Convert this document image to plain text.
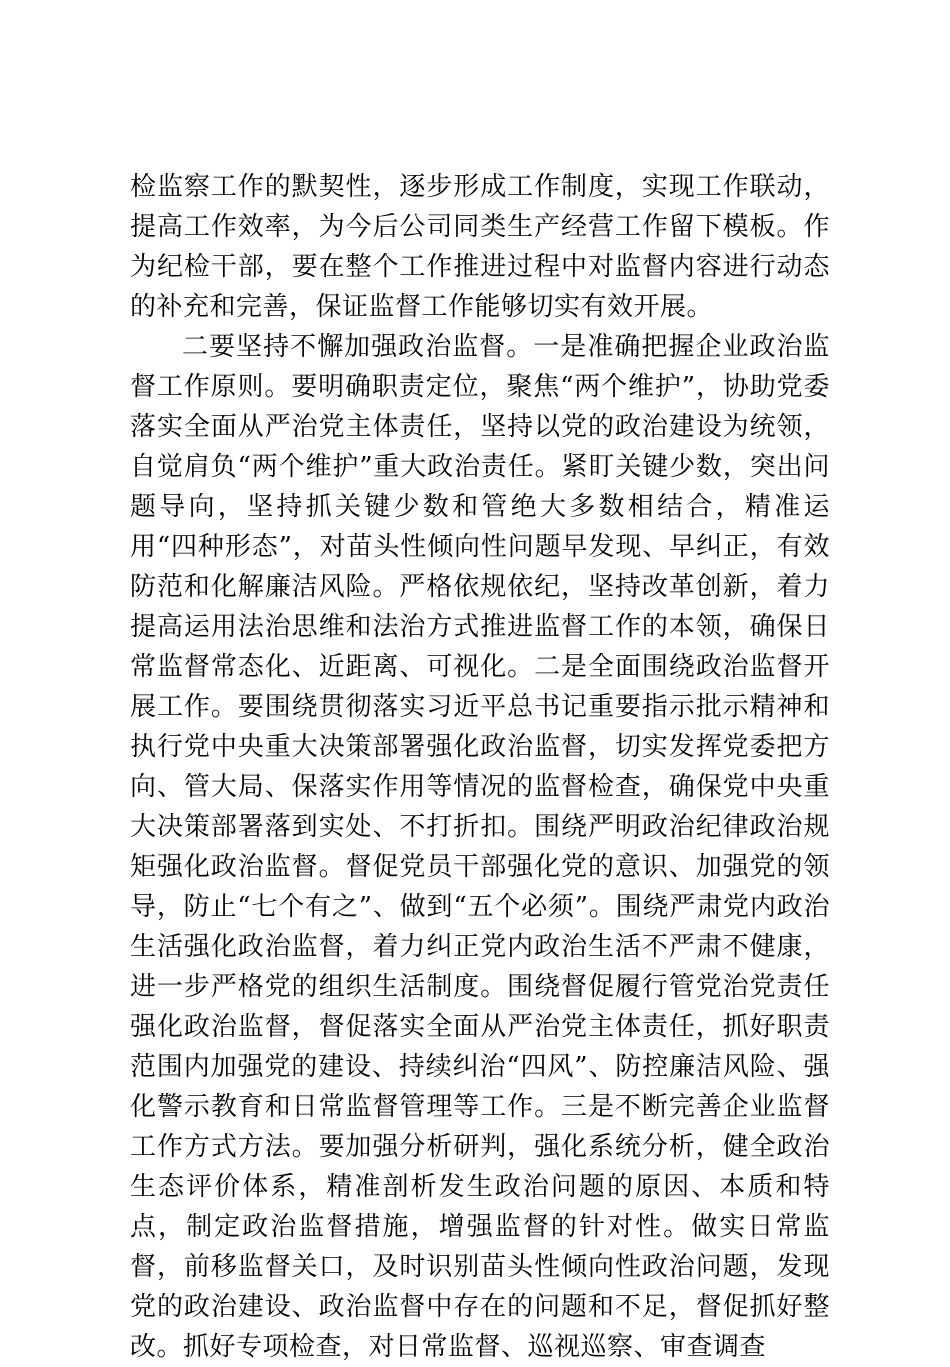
检监察工作的默契性，逐步形成工作制度，实现工作联动，提高工作效率，为今后公司同类生产经营工作留下模板。作为纪检干部，要在整个工作推进过程中对监督内容进行动态的补充和完善，保证监督工作能够切实有效开展。

二要坚持不懈加强政治监督。一是准确把握企业政治监督工作原则。要明确职责定位，聚焦“两个维护”，协助党委落实全面从严治党主体责任，坚持以党的政治建设为统领，自觉肩负“两个维护”重大政治责任。紧盯关键少数，突出问题导向，坚持抓关键少数和管绝大多数相结合，精准运用“四种形态”，对苗头性倾向性问题早发现、早纠正，有效防范和化解廉洁风险。严格依规依纪，坚持改革创新，着力提高运用法治思维和法治方式推进监督工作的本领，确保日常监督常态化、近距离、可视化。二是全面围绕政治监督开展工作。要围绕贯彻落实习近平总书记重要指示批示精神和执行党中央重大决策部署强化政治监督，切实发挥党委把方向、管大局、保落实作用等情况的监督检查，确保党中央重大决策部署落到实处、不打折扣。围绕严明政治纪律政治规矩强化政治监督。督促党员干部强化党的意识、加强党的领导，防止“七个有之”、做到“五个必须”。围绕严肃党内政治生活强化政治监督，着力纠正党内政治生活不严肃不健康，进一步严格党的组织生活制度。围绕督促履行管党治党责任强化政治监督，督促落实全面从严治党主体责任，抓好职责范围内加强党的建设、持续纠治“四风”、防控廉洁风险、强化警示教育和日常监督管理等工作。三是不断完善企业监督工作方式方法。要加强分析研判，强化系统分析，健全政治生态评价体系，精准剖析发生政治问题的原因、本质和特点，制定政治监督措施，增强监督的针对性。做实日常监督，前移监督关口，及时识别苗头性倾向性政治问题，发现党的政治建设、政治监督中存在的问题和不足，督促抓好整改。抓好专项检查，对日常监督、巡视巡察、审查调查
